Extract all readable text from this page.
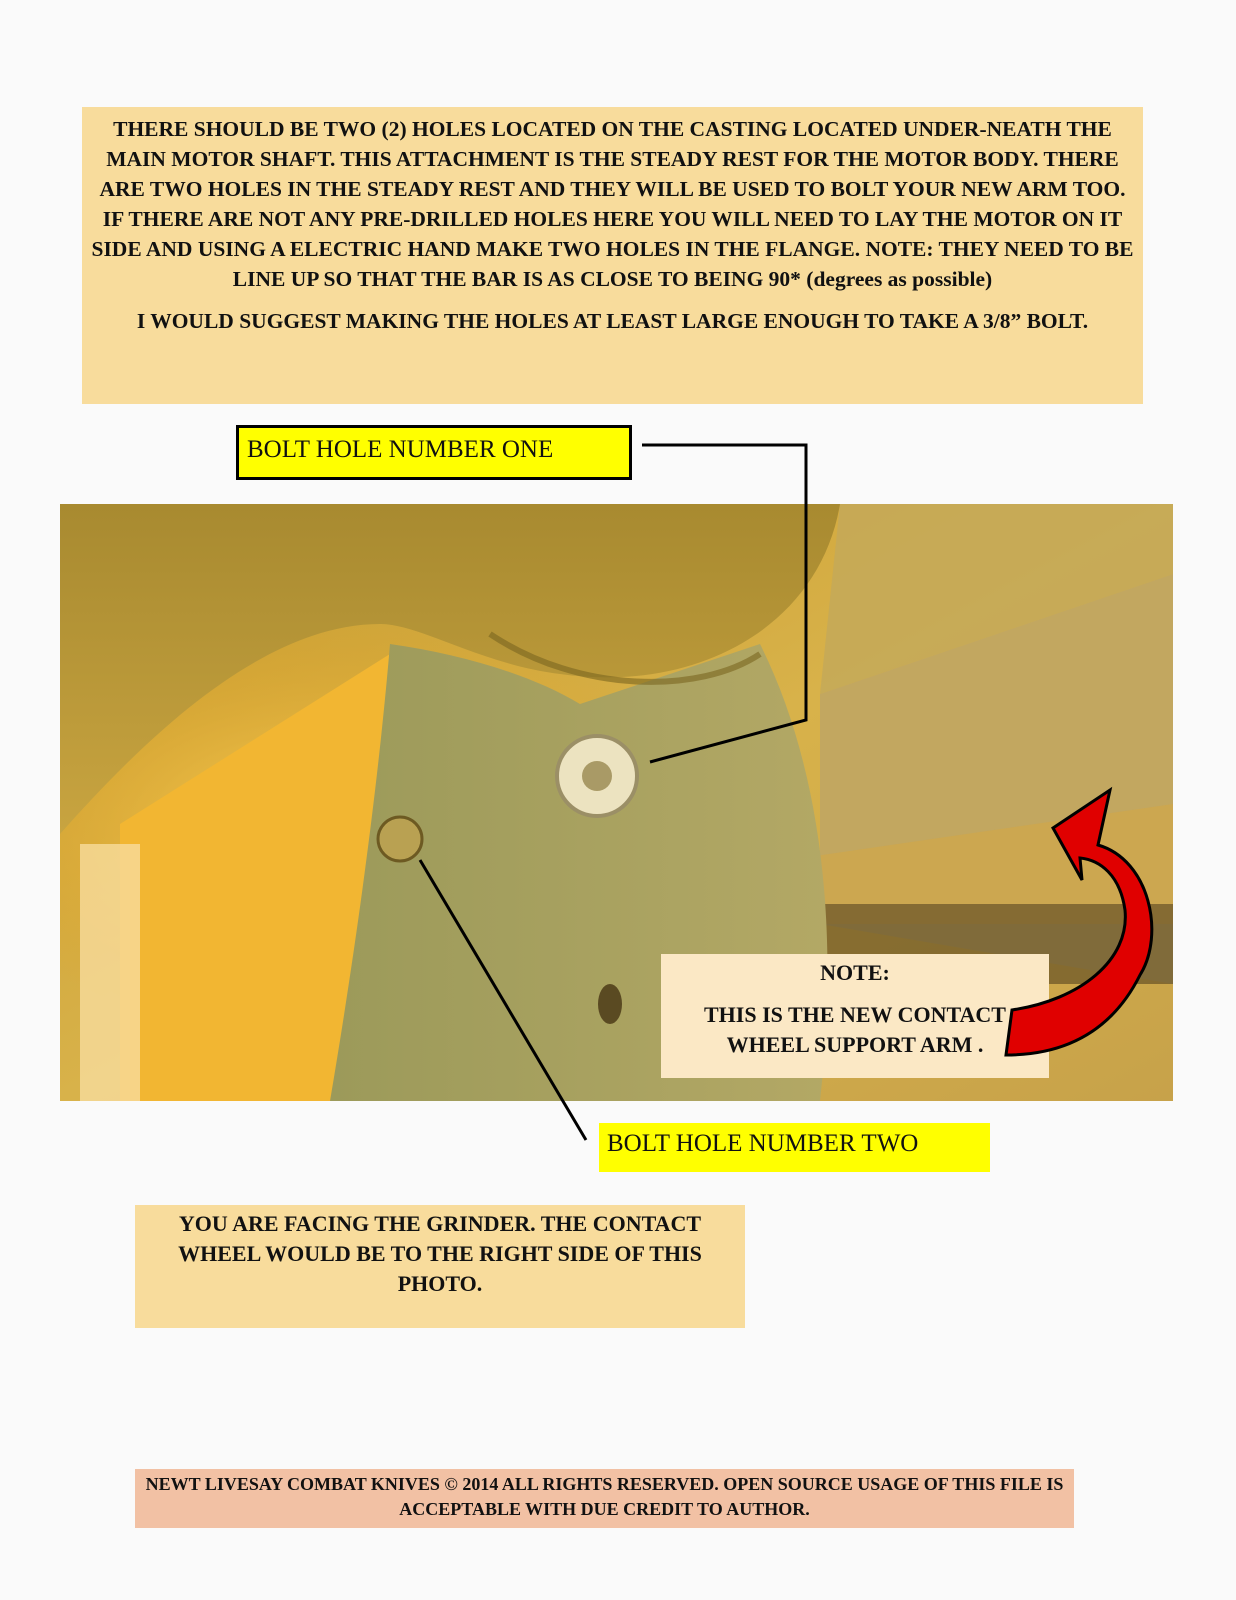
THERE SHOULD BE TWO (2) HOLES LOCATED ON THE CASTING LOCATED UNDER-NEATH THE MAIN MOTOR SHAFT. THIS ATTACHMENT IS THE STEADY REST FOR THE MOTOR BODY. THERE ARE TWO HOLES IN THE STEADY REST AND THEY WILL BE USED TO BOLT YOUR NEW ARM TOO. IF THERE ARE NOT ANY PRE-DRILLED HOLES HERE YOU WILL NEED TO LAY THE MOTOR ON IT SIDE AND USING A ELECTRIC HAND MAKE TWO HOLES IN THE FLANGE. NOTE: THEY NEED TO BE LINE UP SO THAT THE BAR IS AS CLOSE TO BEING 90* (degrees as possible)

I WOULD SUGGEST MAKING THE HOLES AT LEAST LARGE ENOUGH TO TAKE A 3/8” BOLT.

BOLT HOLE NUMBER ONE
NOTE:
THIS IS THE NEW CONTACT WHEEL SUPPORT ARM .
BOLT HOLE NUMBER TWO
YOU ARE FACING THE GRINDER. THE CONTACT WHEEL WOULD BE TO THE RIGHT SIDE OF THIS PHOTO.
NEWT LIVESAY COMBAT KNIVES © 2014 ALL RIGHTS RESERVED. OPEN SOURCE USAGE OF THIS FILE IS ACCEPTABLE WITH DUE CREDIT TO AUTHOR.
